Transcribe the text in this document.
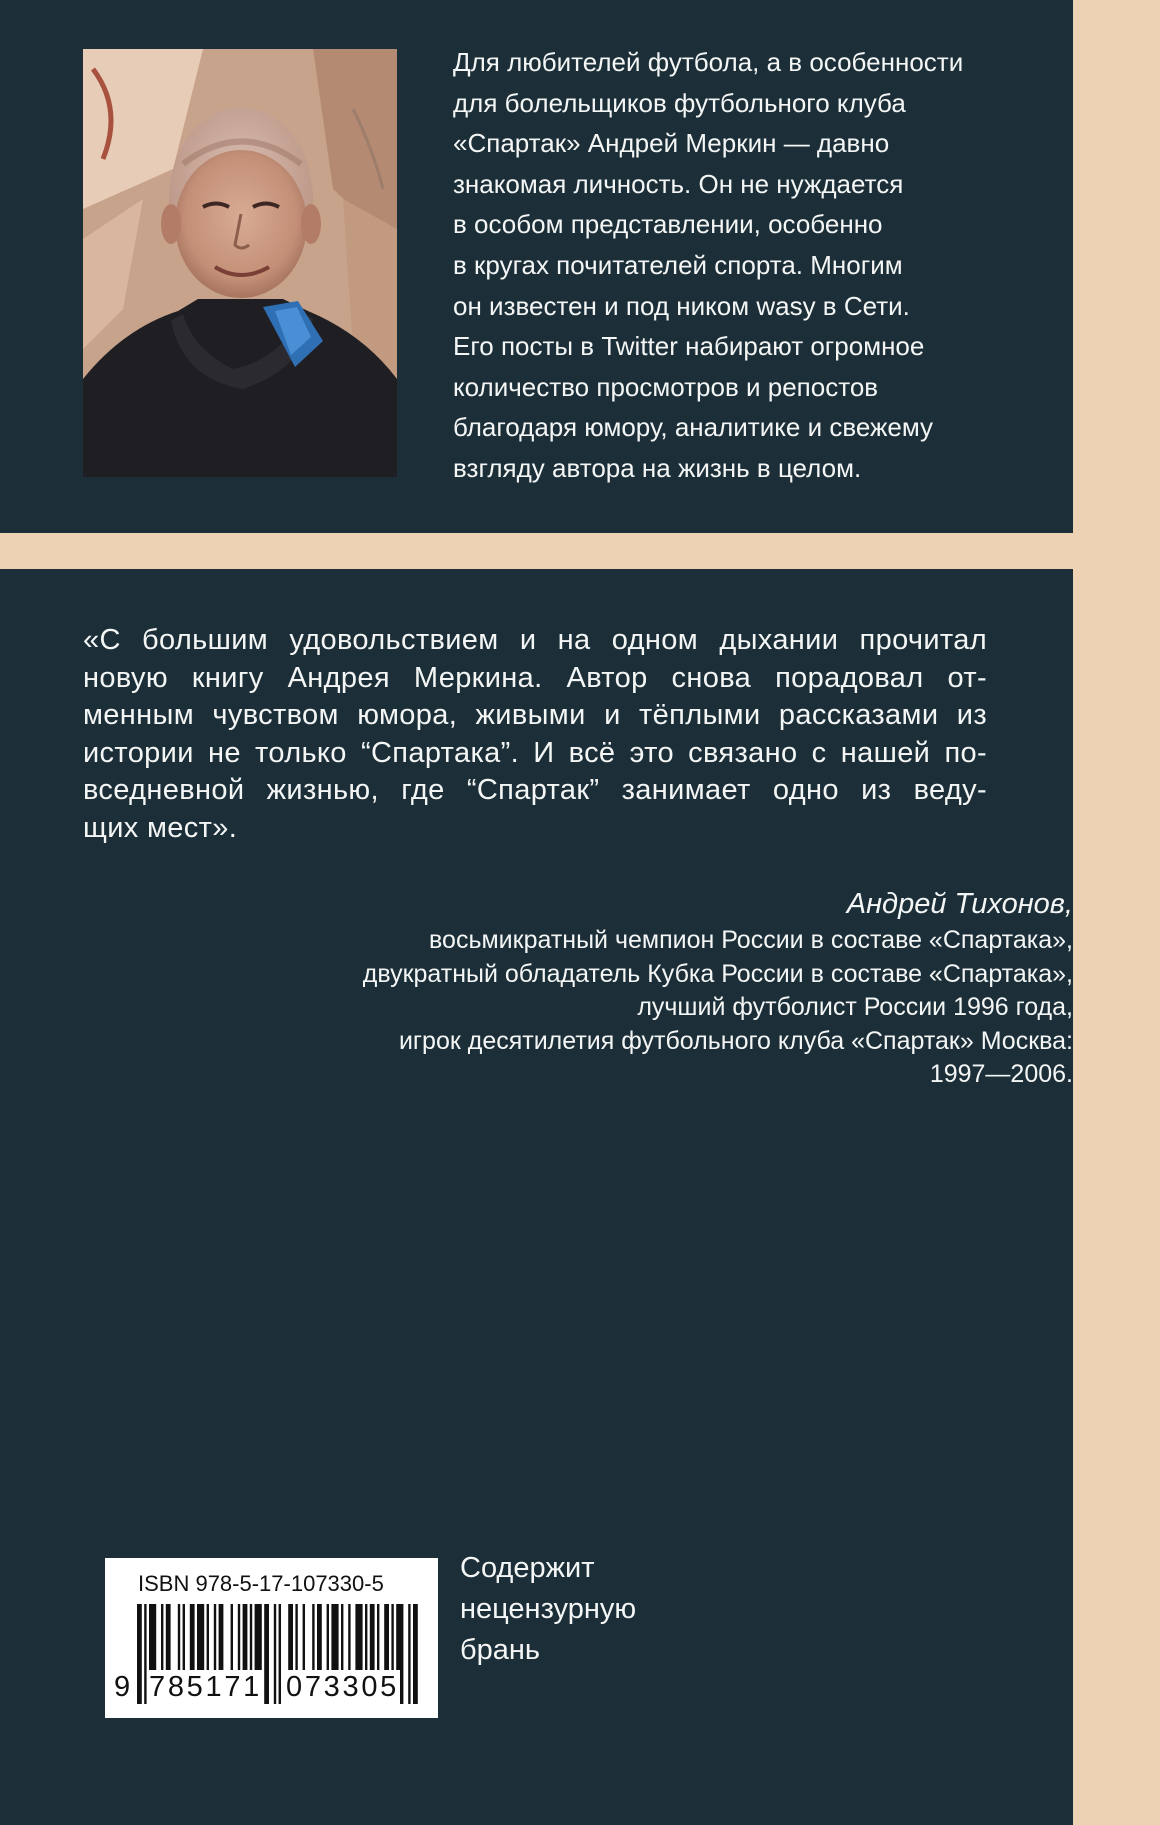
Для любителей футбола, а в особенности
для болельщиков футбольного клуба
«Спартак» Андрей Меркин — давно
знакомая личность. Он не нуждается
в особом представлении, особенно
в кругах почитателей спорта. Многим
он известен и под ником wasy в Сети.
Его посты в Twitter набирают огромное
количество просмотров и репостов
благодаря юмору, аналитике и свежему
взгляду автора на жизнь в целом.

«С большим удовольствием и на одном дыхании прочитал
новую книгу Андрея Меркина. Автор снова порадовал от-
менным чувством юмора, живыми и тёплыми рассказами из
истории не только “Спартака”. И всё это связано с нашей по-
вседневной жизнью, где “Спартак” занимает одно из веду-
щих мест».

Андрей Тихонов,
восьмикратный чемпион России в составе «Спартака»,
двукратный обладатель Кубка России в составе «Спартака»,
лучший футболист России 1996 года,
игрок десятилетия футбольного клуба «Спартак» Москва:
1997—2006.
ISBN 978-5-17-107330-5
9 785171 073305

Содержит
нецензурную
брань
